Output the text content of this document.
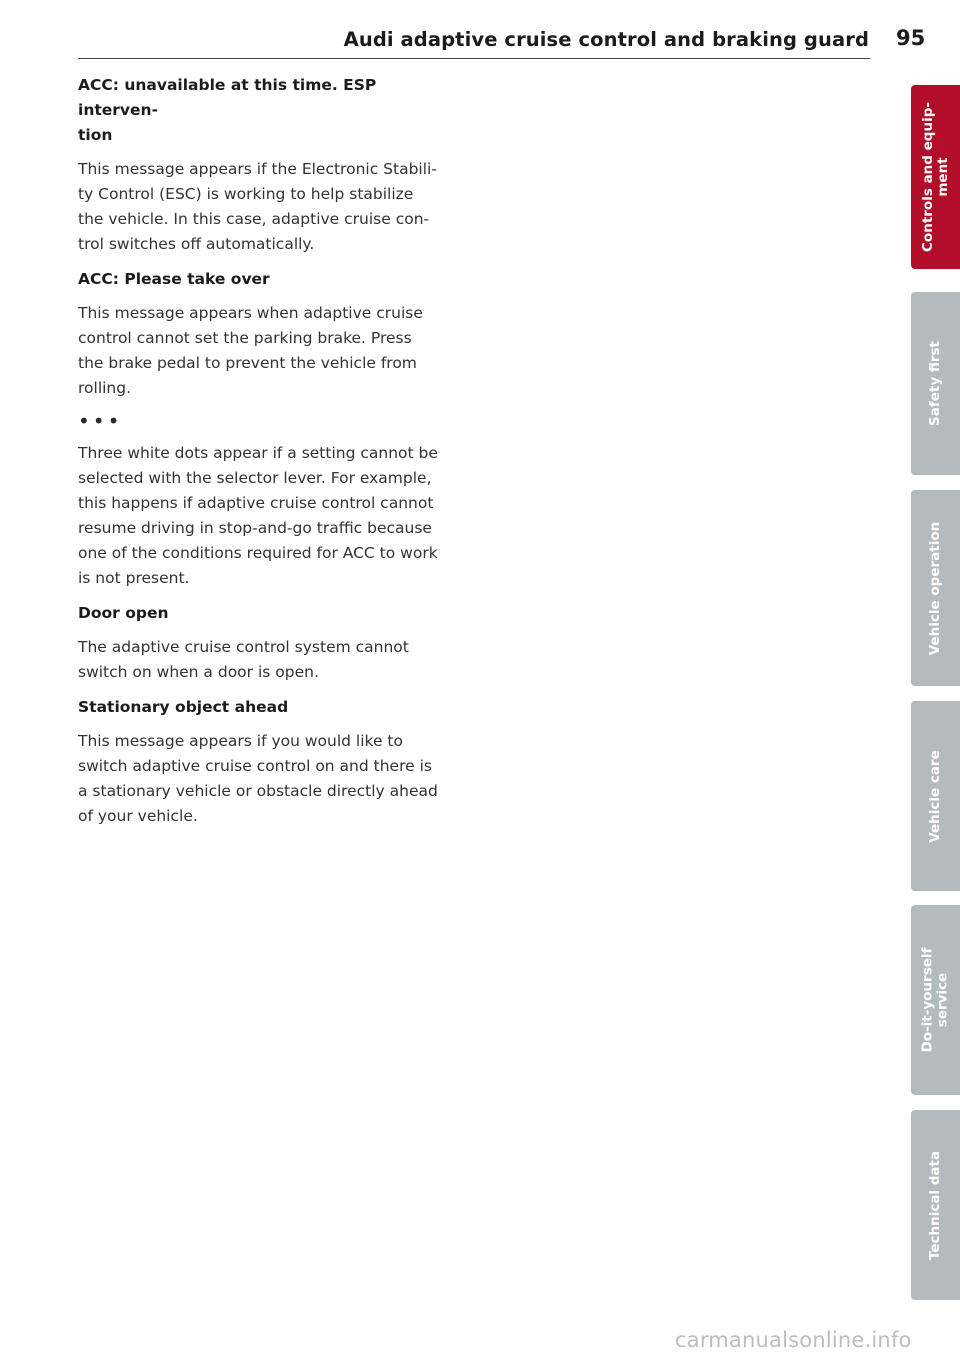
Audi adaptive cruise control and braking guard 95
ACC: unavailable at this time. ESP interven-
tion
This message appears if the Electronic Stabili-
ty Control (ESC) is working to help stabilize
the vehicle. In this case, adaptive cruise con-
trol switches off automatically.
ACC: Please take over
This message appears when adaptive cruise
control cannot set the parking brake. Press
the brake pedal to prevent the vehicle from
rolling.
•••
Three white dots appear if a setting cannot be
selected with the selector lever. For example,
this happens if adaptive cruise control cannot
resume driving in stop-and-go traffic because
one of the conditions required for ACC to work
is not present.
Door open
The adaptive cruise control system cannot
switch on when a door is open.
Stationary object ahead
This message appears if you would like to
switch adaptive cruise control on and there is
a stationary vehicle or obstacle directly ahead
of your vehicle.
Controls and equip-
ment
Safety first
Vehicle operation
Vehicle care
Do-it-yourself
service
Technical data
carmanualsonline.info
